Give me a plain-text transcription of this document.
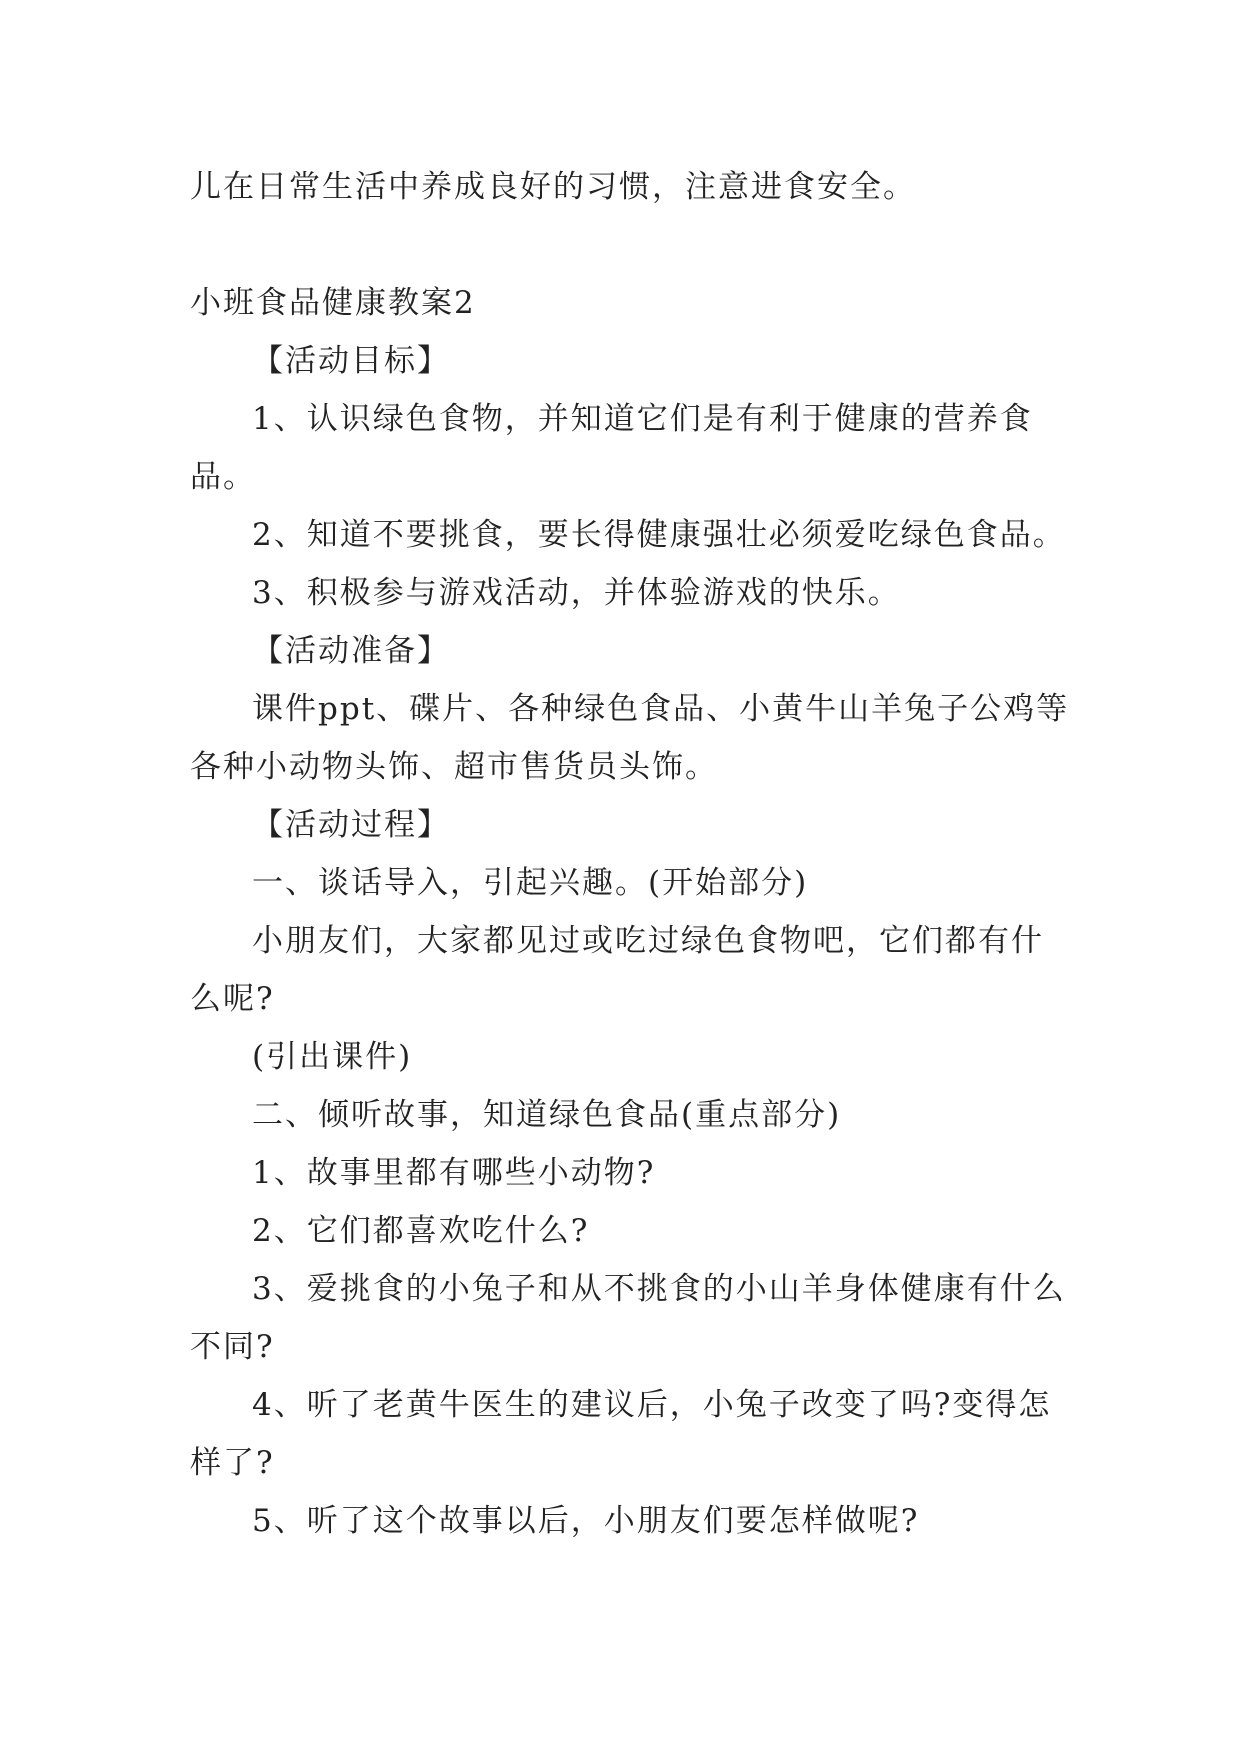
儿在日常生活中养成良好的习惯，注意进食安全。

小班食品健康教案2

【活动目标】

1、认识绿色食物，并知道它们是有利于健康的营养食品。

2、知道不要挑食，要长得健康强壮必须爱吃绿色食品。

3、积极参与游戏活动，并体验游戏的快乐。

【活动准备】

课件ppt、碟片、各种绿色食品、小黄牛山羊兔子公鸡等各种小动物头饰、超市售货员头饰。

【活动过程】

一、谈话导入，引起兴趣。(开始部分)

小朋友们，大家都见过或吃过绿色食物吧，它们都有什么呢?

(引出课件)

二、倾听故事，知道绿色食品(重点部分)

1、故事里都有哪些小动物?

2、它们都喜欢吃什么?

3、爱挑食的小兔子和从不挑食的小山羊身体健康有什么不同?

4、听了老黄牛医生的建议后，小兔子改变了吗?变得怎样了?

5、听了这个故事以后，小朋友们要怎样做呢?
